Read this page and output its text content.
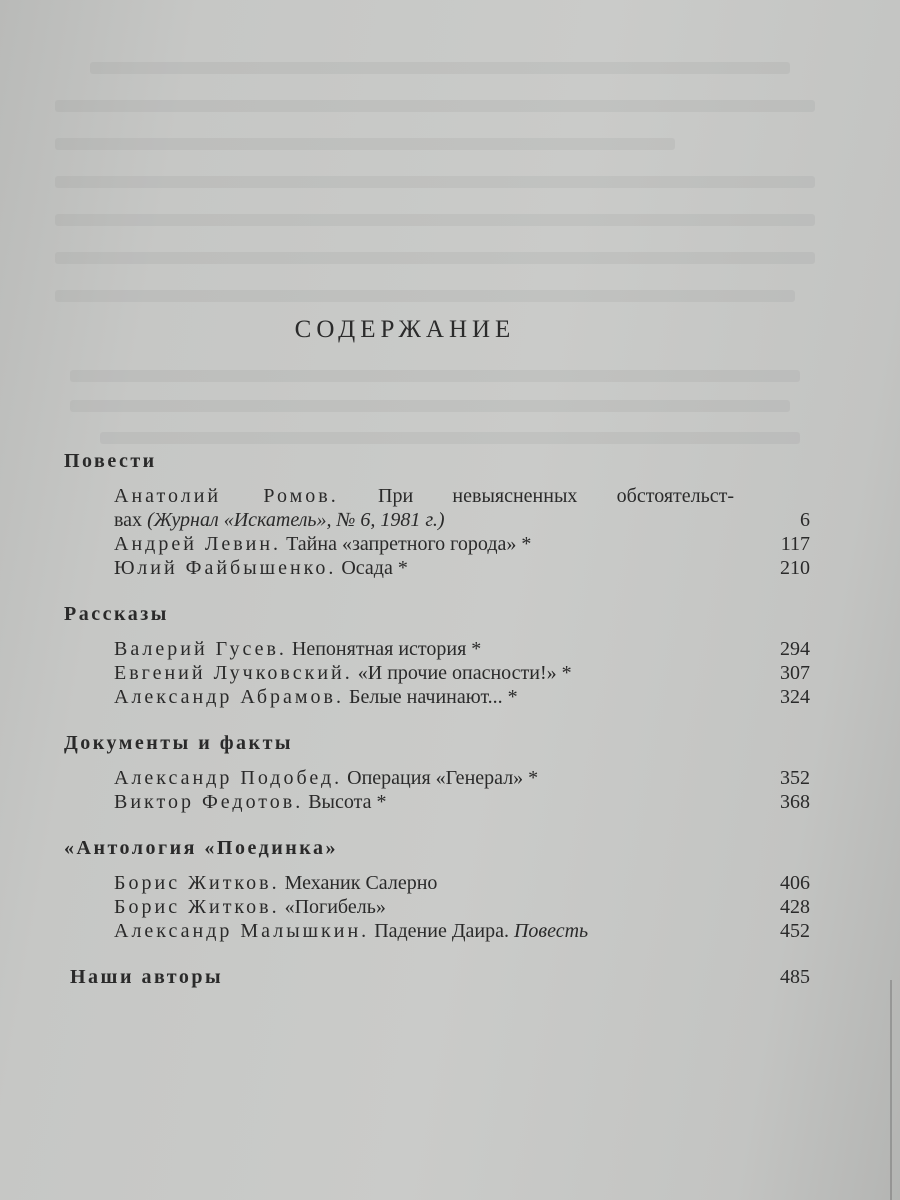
СОДЕРЖАНИЕ
Повести
Анатолий Ромов. При невыясненных обстоятельст-
вах (Журнал «Искатель», № 6, 1981 г.)	6
Андрей Левин. Тайна «запретного города» *	117
Юлий Файбышенко. Осада *	210
Рассказы
Валерий Гусев. Непонятная история *	294
Евгений Лучковский. «И прочие опасности!» *	307
Александр Абрамов. Белые начинают... *	324
Документы и факты
Александр Подобед. Операция «Генерал» *	352
Виктор Федотов. Высота *	368
«Антология «Поединка»
Борис Житков. Механик Салерно	406
Борис Житков. «Погибель»	428
Александр Малышкин. Падение Даира. Повесть	452
Наши авторы	485
